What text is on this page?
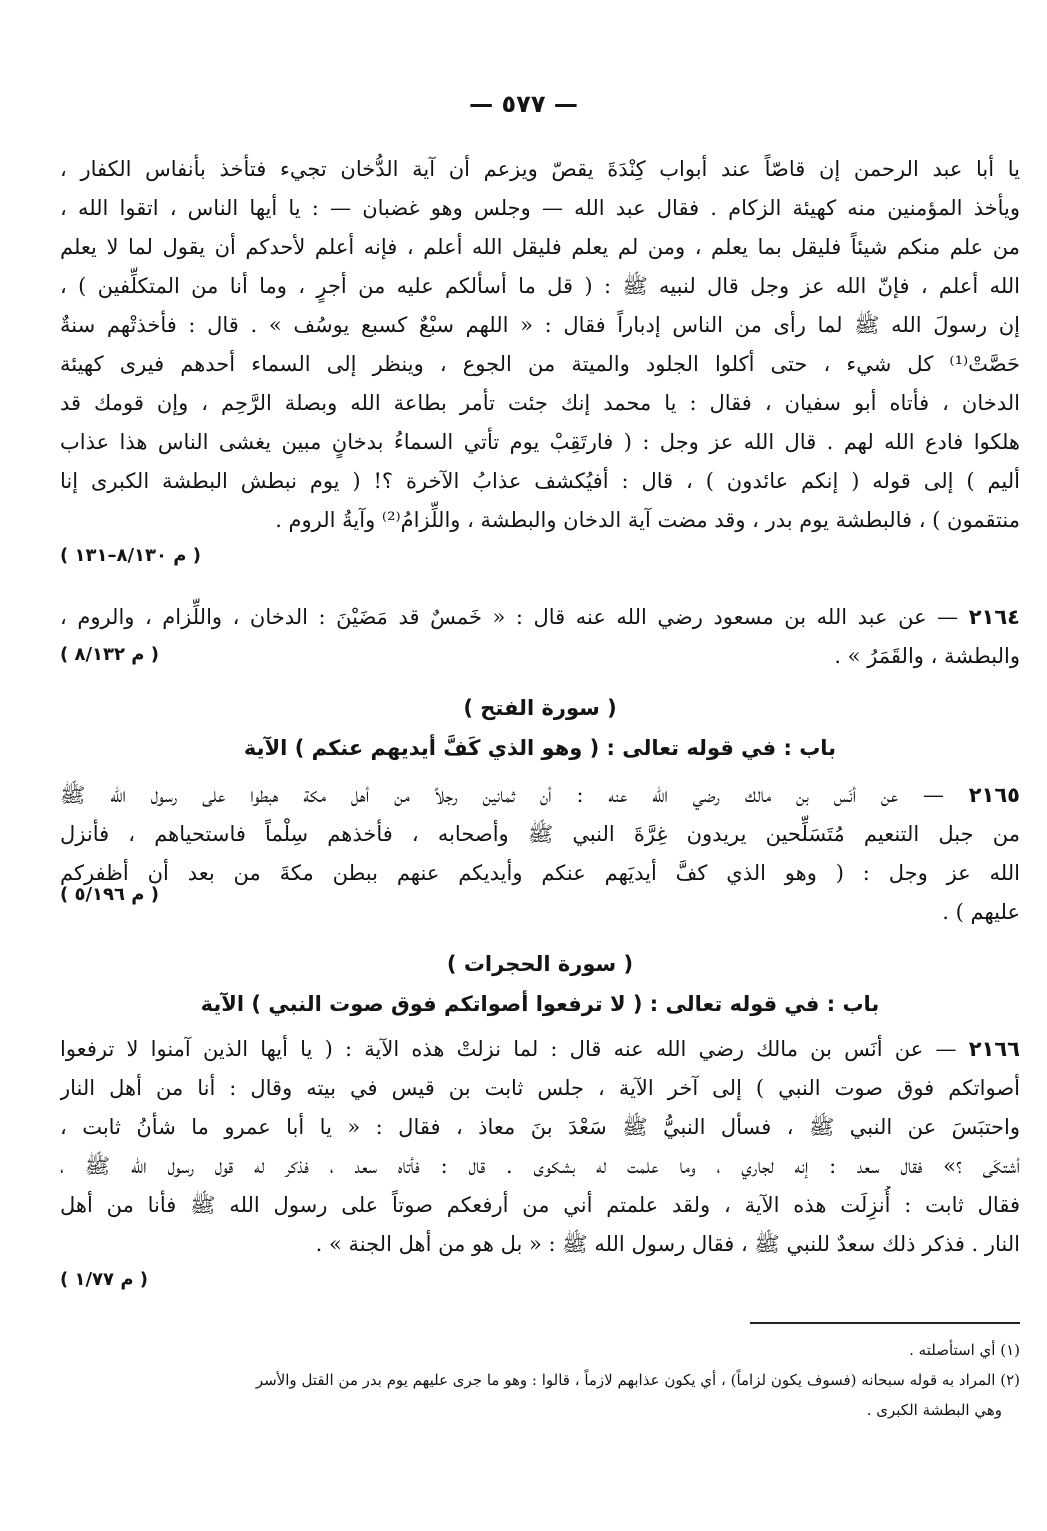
— ٥٧٧ —
يا أبا عبد الرحمن إن قاصّاً عند أبواب كِنْدَةَ يقصّ ويزعم أن آية الدُّخان تجيء فتأخذ بأنفاس الكفار ،
ويأخذ المؤمنين منه كهيئة الزكام . فقال عبد الله — وجلس وهو غضبان — : يا أيها الناس ، اتقوا الله ،
من علم منكم شيئاً فليقل بما يعلم ، ومن لم يعلم فليقل الله أعلم ، فإنه أعلم لأحدكم أن يقول لما لا يعلم
الله أعلم ، فإنّ الله عز وجل قال لنبيه ﷺ : ( قل ما أسألكم عليه من أجرٍ ، وما أنا من المتكلِّفين ) ،
إن رسولَ الله ﷺ لما رأى من الناس إدباراً فقال : « اللهم سبْعٌ كسبع يوسُف » . قال : فأخذتْهم سنةٌ
حَصَّتْ⁽¹⁾ كل شيء ، حتى أكلوا الجلود والميتة من الجوع ، وينظر إلى السماء أحدهم فيرى كهيئة
الدخان ، فأتاه أبو سفيان ، فقال : يا محمد إنك جئت تأمر بطاعة الله وبصلة الرَّحِم ، وإن قومك قد
هلكوا فادع الله لهم . قال الله عز وجل : ( فارتَقِبْ يوم تأتي السماءُ بدخانٍ مبين يغشى الناس هذا عذاب
أليم ) إلى قوله ( إنكم عائدون ) ، قال : أفيُكشف عذابُ الآخرة ؟! ( يوم نبطش البطشة الكبرى إنا
منتقمون ) ، فالبطشة يوم بدر ، وقد مضت آية الدخان والبطشة ، واللِّزامُ⁽²⁾ وآيةُ الروم .
( م ٨/١٣٠–١٣١ )
٢١٦٤ — عن عبد الله بن مسعود رضي الله عنه قال : « خَمسٌ قد مَضَيْنَ : الدخان ، واللِّزام ، والروم ،
والبطشة ، والقَمَرُ » .
( م ٨/١٣٢ )
( سورة الفتح )
باب : في قوله تعالى : ( وهو الذي كَفَّ أيديهم عنكم ) الآية
٢١٦٥ — عن أنَس بن مالك رضي الله عنه : أن ثمانين رجلاً من أهل مكة هبطوا على رسول الله ﷺ
من جبل التنعيم مُتَسَلِّحين يريدون غِرَّةَ النبي ﷺ وأصحابه ، فأخذهم سِلْماً فاستحياهم ، فأنزل
الله عز وجل : ( وهو الذي كفَّ أيديَهم عنكم وأيديكم عنهم ببطن مكةَ من بعد أن أظفركم
عليهم ) .
( م ٥/١٩٦ )
( سورة الحجرات )
باب : في قوله تعالى : ( لا ترفعوا أصواتكم فوق صوت النبي ) الآية
٢١٦٦ — عن أنَس بن مالك رضي الله عنه قال : لما نزلتْ هذه الآية : ( يا أيها الذين آمنوا لا ترفعوا
أصواتكم فوق صوت النبي ) إلى آخر الآية ، جلس ثابت بن قيس في بيته وقال : أنا من أهل النار
واحتبَسَ عن النبي ﷺ ، فسأل النبيُّ ﷺ سَعْدَ بنَ معاذ ، فقال : « يا أبا عمرو ما شأنُ ثابت ،
أشتكَى ؟» فقال سعد : إنه لجاري ، وما علمت له بشكوى . قال : فأتاه سعد ، فذكر له قول رسول الله ﷺ ،
فقال ثابت : أُنزِلَت هذه الآية ، ولقد علمتم أني من أرفعكم صوتاً على رسول الله ﷺ فأنا من أهل
النار . فذكر ذلك سعدٌ للنبي ﷺ ، فقال رسول الله ﷺ : « بل هو من أهل الجنة » .
( م ١/٧٧ )
(١) أي استأصلته .
(٢) المراد به قوله سبحانه (فسوف يكون لزاماً) ، أي يكون عذابهم لازماً ، قالوا : وهو ما جرى عليهم يوم بدر من القتل والأسر
وهي البطشة الكبرى .
